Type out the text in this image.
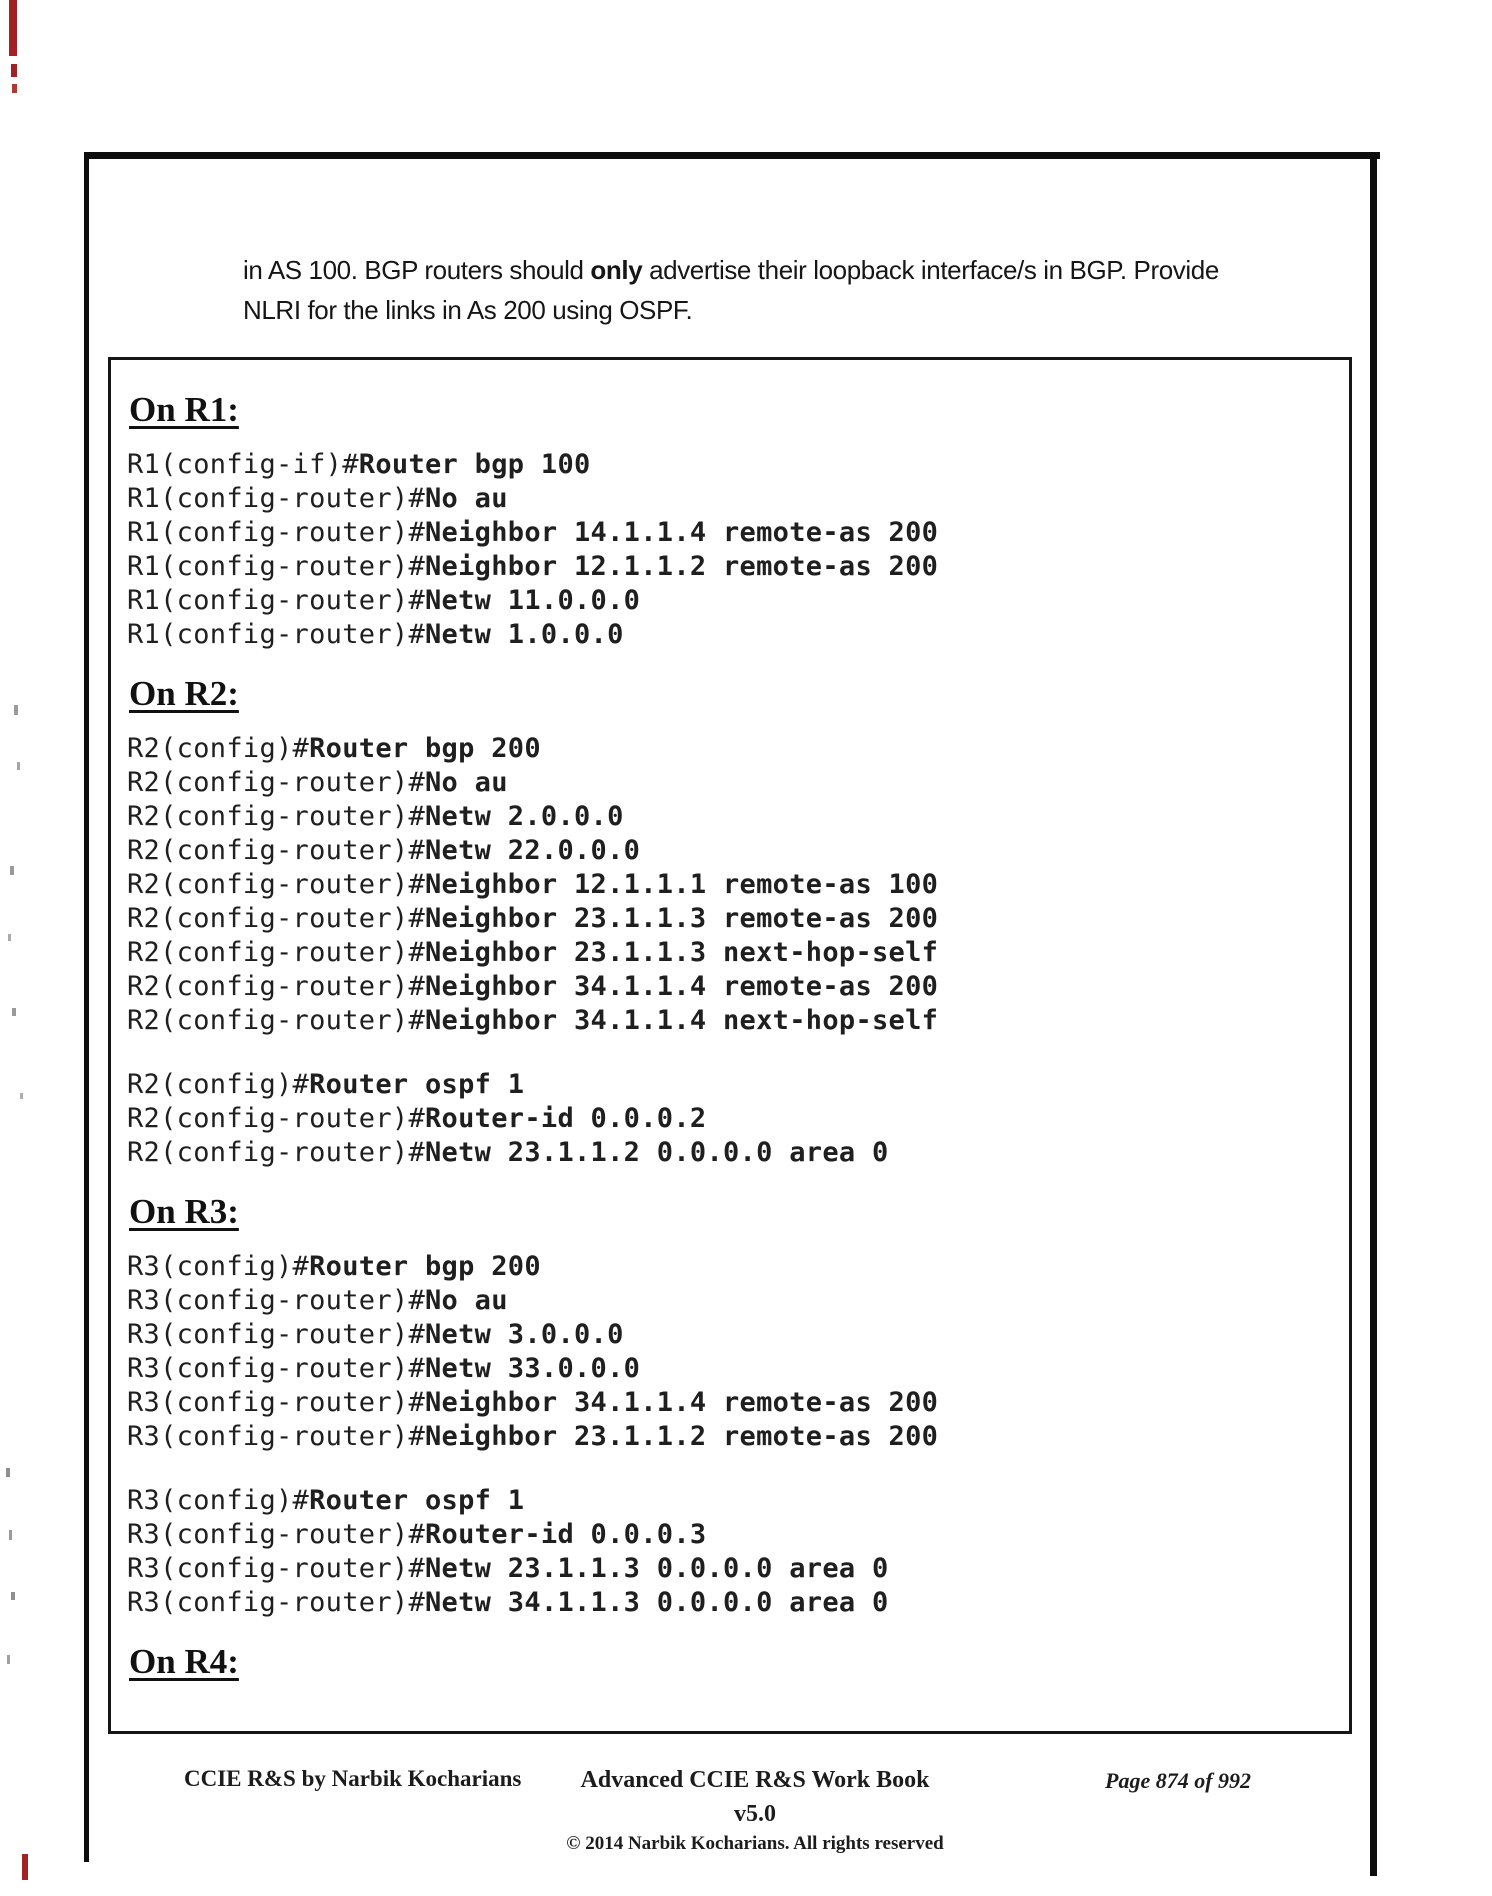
in AS 100. BGP routers should only advertise their loopback interface/s in BGP. Provide
NLRI for the links in As 200 using OSPF.
On R1:
R1(config-if)#Router bgp 100
R1(config-router)#No au
R1(config-router)#Neighbor 14.1.1.4 remote-as 200
R1(config-router)#Neighbor 12.1.1.2 remote-as 200
R1(config-router)#Netw 11.0.0.0
R1(config-router)#Netw 1.0.0.0
On R2:
R2(config)#Router bgp 200
R2(config-router)#No au
R2(config-router)#Netw 2.0.0.0
R2(config-router)#Netw 22.0.0.0
R2(config-router)#Neighbor 12.1.1.1 remote-as 100
R2(config-router)#Neighbor 23.1.1.3 remote-as 200
R2(config-router)#Neighbor 23.1.1.3 next-hop-self
R2(config-router)#Neighbor 34.1.1.4 remote-as 200
R2(config-router)#Neighbor 34.1.1.4 next-hop-self
R2(config)#Router ospf 1
R2(config-router)#Router-id 0.0.0.2
R2(config-router)#Netw 23.1.1.2 0.0.0.0 area 0
On R3:
R3(config)#Router bgp 200
R3(config-router)#No au
R3(config-router)#Netw 3.0.0.0
R3(config-router)#Netw 33.0.0.0
R3(config-router)#Neighbor 34.1.1.4 remote-as 200
R3(config-router)#Neighbor 23.1.1.2 remote-as 200
R3(config)#Router ospf 1
R3(config-router)#Router-id 0.0.0.3
R3(config-router)#Netw 23.1.1.3 0.0.0.0 area 0
R3(config-router)#Netw 34.1.1.3 0.0.0.0 area 0
On R4:
CCIE R&S by Narbik Kocharians	Advanced CCIE R&S Work Book v5.0
© 2014 Narbik Kocharians. All rights reserved
Page 874 of 992
